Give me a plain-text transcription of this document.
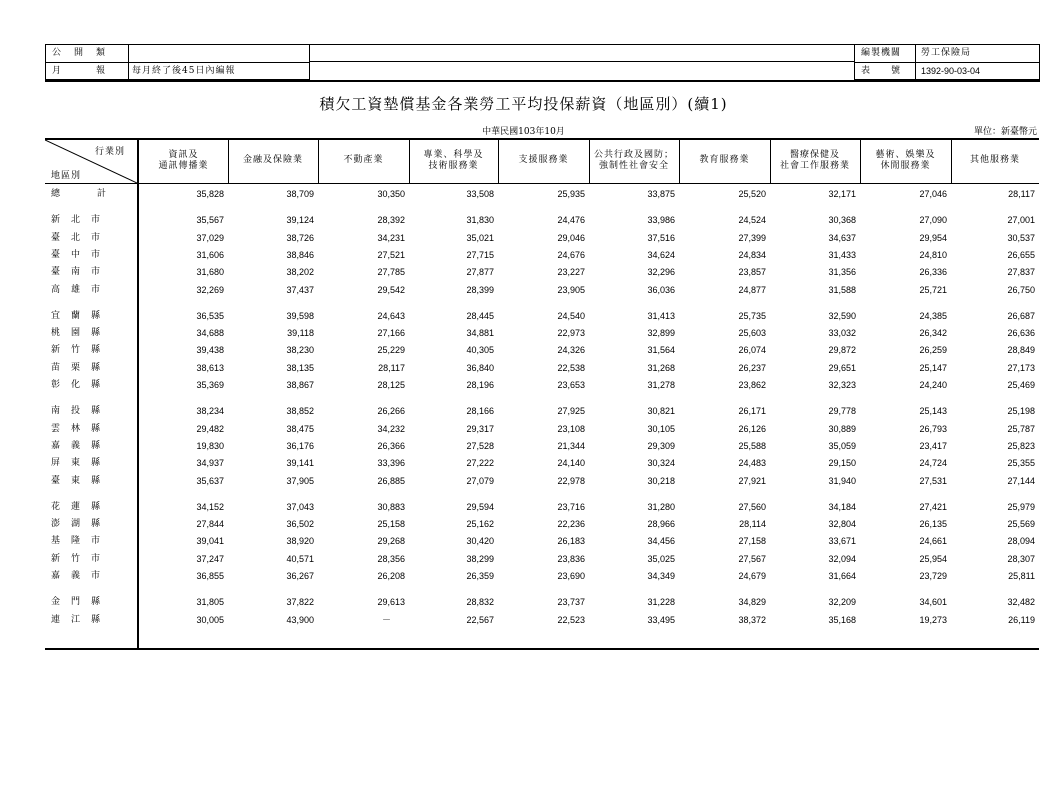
公　開　類
月　　　報	每月終了後45日內編報
編製機關 勞工保險局
表　　號 1392-90-03-04
積欠工資墊償基金各業勞工平均投保薪資（地區別）(續1)
中華民國103年10月	單位：新臺幣元
行業別
地區別
資訊及
通訊傳播業
金融及保險業	不動產業
專業、科學及
技術服務業
支援服務業
公共行政及國防；
強制性社會安全
教育服務業
醫療保健及
社會工作服務業
藝術、娛樂及
休閒服務業
其他服務業
總　計	35,828	38,709	30,350	33,508	25,935	33,875	25,520	32,171	27,046	28,117
新北市	35,567	39,124	28,392	31,830	24,476	33,986	24,524	30,368	27,090	27,001
臺北市	37,029	38,726	34,231	35,021	29,046	37,516	27,399	34,637	29,954	30,537
臺中市	31,606	38,846	27,521	27,715	24,676	34,624	24,834	31,433	24,810	26,655
臺南市	31,680	38,202	27,785	27,877	23,227	32,296	23,857	31,356	26,336	27,837
高雄市	32,269	37,437	29,542	28,399	23,905	36,036	24,877	31,588	25,721	26,750
宜蘭縣	36,535	39,598	24,643	28,445	24,540	31,413	25,735	32,590	24,385	26,687
桃園縣	34,688	39,118	27,166	34,881	22,973	32,899	25,603	33,032	26,342	26,636
新竹縣	39,438	38,230	25,229	40,305	24,326	31,564	26,074	29,872	26,259	28,849
苗栗縣	38,613	38,135	28,117	36,840	22,538	31,268	26,237	29,651	25,147	27,173
彰化縣	35,369	38,867	28,125	28,196	23,653	31,278	23,862	32,323	24,240	25,469
南投縣	38,234	38,852	26,266	28,166	27,925	30,821	26,171	29,778	25,143	25,198
雲林縣	29,482	38,475	34,232	29,317	23,108	30,105	26,126	30,889	26,793	25,787
嘉義縣	19,830	36,176	26,366	27,528	21,344	29,309	25,588	35,059	23,417	25,823
屏東縣	34,937	39,141	33,396	27,222	24,140	30,324	24,483	29,150	24,724	25,355
臺東縣	35,637	37,905	26,885	27,079	22,978	30,218	27,921	31,940	27,531	27,144
花蓮縣	34,152	37,043	30,883	29,594	23,716	31,280	27,560	34,184	27,421	25,979
澎湖縣	27,844	36,502	25,158	25,162	22,236	28,966	28,114	32,804	26,135	25,569
基隆市	39,041	38,920	29,268	30,420	26,183	34,456	27,158	33,671	24,661	28,094
新竹市	37,247	40,571	28,356	38,299	23,836	35,025	27,567	32,094	25,954	28,307
嘉義市	36,855	36,267	26,208	26,359	23,690	34,349	24,679	31,664	23,729	25,811
金門縣	31,805	37,822	29,613	28,832	23,737	31,228	34,829	32,209	34,601	32,482
連江縣	30,005	43,900	－	22,567	22,523	33,495	38,372	35,168	19,273	26,119
